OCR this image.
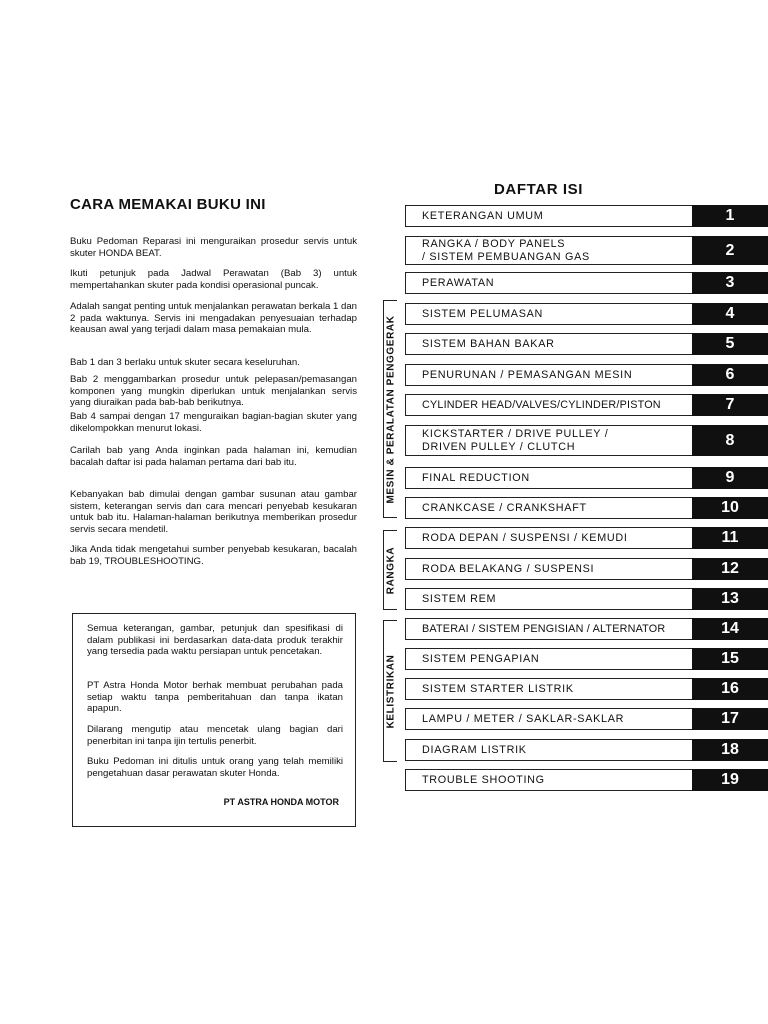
CARA MEMAKAI BUKU INI

Buku Pedoman Reparasi ini menguraikan prosedur servis untuk skuter HONDA BEAT.

Ikuti petunjuk pada Jadwal Perawatan (Bab 3) untuk mempertahankan skuter pada kondisi operasional puncak.

Adalah sangat penting untuk menjalankan perawatan berkala 1 dan 2 pada waktunya. Servis ini mengadakan penyesuaian terhadap keausan awal yang terjadi dalam masa pemakaian mula.

Bab 1 dan 3 berlaku untuk skuter secara keseluruhan.

Bab 2 menggambarkan prosedur untuk pelepasan/pemasangan komponen yang mungkin diperlukan untuk menjalankan servis yang diuraikan pada bab-bab berikutnya.

Bab 4 sampai dengan 17 menguraikan bagian-bagian skuter yang dikelompokkan menurut lokasi.

Carilah bab yang Anda inginkan pada halaman ini, kemudian bacalah daftar isi pada halaman pertama dari bab itu.

Kebanyakan bab dimulai dengan gambar susunan atau gambar sistem, keterangan servis dan cara mencari penyebab kesukaran untuk bab itu. Halaman-halaman berikutnya memberikan prosedur servis secara mendetil.

Jika Anda tidak mengetahui sumber penyebab kesukaran, bacalah bab 19, TROUBLESHOOTING.

Semua keterangan, gambar, petunjuk dan spesifikasi di dalam publikasi ini berdasarkan data-data produk terakhir yang tersedia pada waktu persiapan untuk pencetakan.

PT Astra Honda Motor berhak membuat perubahan pada setiap waktu tanpa pemberitahuan dan tanpa ikatan apapun.

Dilarang mengutip atau mencetak ulang bagian dari penerbitan ini tanpa ijin tertulis penerbit.

Buku Pedoman ini ditulis untuk orang yang telah memiliki pengetahuan dasar perawatan skuter Honda.

PT ASTRA HONDA MOTOR
DAFTAR ISI
MESIN & PERALATAN PENGGERAK
RANGKA
KELISTRIKAN
KETERANGAN UMUM	1
RANGKA / BODY PANELS
/ SISTEM PEMBUANGAN GAS	2
PERAWATAN	3
SISTEM PELUMASAN	4
SISTEM BAHAN BAKAR	5
PENURUNAN / PEMASANGAN MESIN	6
CYLINDER HEAD/VALVES/CYLINDER/PISTON	7
KICKSTARTER / DRIVE PULLEY /
DRIVEN PULLEY / CLUTCH	8
FINAL REDUCTION	9
CRANKCASE / CRANKSHAFT	10
RODA DEPAN / SUSPENSI / KEMUDI	11
RODA BELAKANG / SUSPENSI	12
SISTEM REM	13
BATERAI / SISTEM PENGISIAN / ALTERNATOR	14
SISTEM PENGAPIAN	15
SISTEM STARTER LISTRIK	16
LAMPU / METER / SAKLAR-SAKLAR	17
DIAGRAM LISTRIK	18
TROUBLE SHOOTING	19
